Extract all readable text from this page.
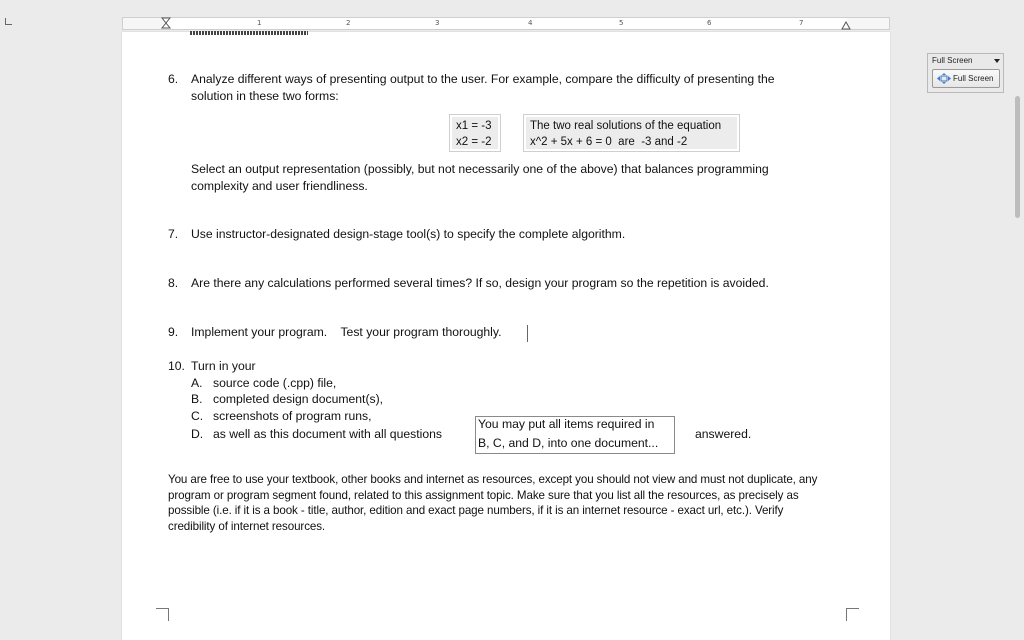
1	2	3	4	5	6	7
6. Analyze different ways of presenting output to the user. For example, compare the difficulty of presenting the
solution in these two forms:
x1 = -3
x2 = -2
The two real solutions of the equation
x^2 + 5x + 6 = 0  are  -3 and -2
Select an output representation (possibly, but not necessarily one of the above) that balances programming
complexity and user friendliness.
7. Use instructor-designated design-stage tool(s) to specify the complete algorithm.
8. Are there any calculations performed several times? If so, design your program so the repetition is avoided.
9. Implement your program.    Test your program thoroughly.
10. Turn in your
A. source code (.cpp) file,
B. completed design document(s),
C. screenshots of program runs,
D. as well as this document with all questions
You may put all items required in
B, C, and D, into one document...
answered.
You are free to use your textbook, other books and internet as resources, except you should not view and must not duplicate, any
program or program segment found, related to this assignment topic. Make sure that you list all the resources, as precisely as
possible (i.e. if it is a book - title, author, edition and exact page numbers, if it is an internet resource - exact url, etc.). Verify
credibility of internet resources.
Full Screen
Full Screen
